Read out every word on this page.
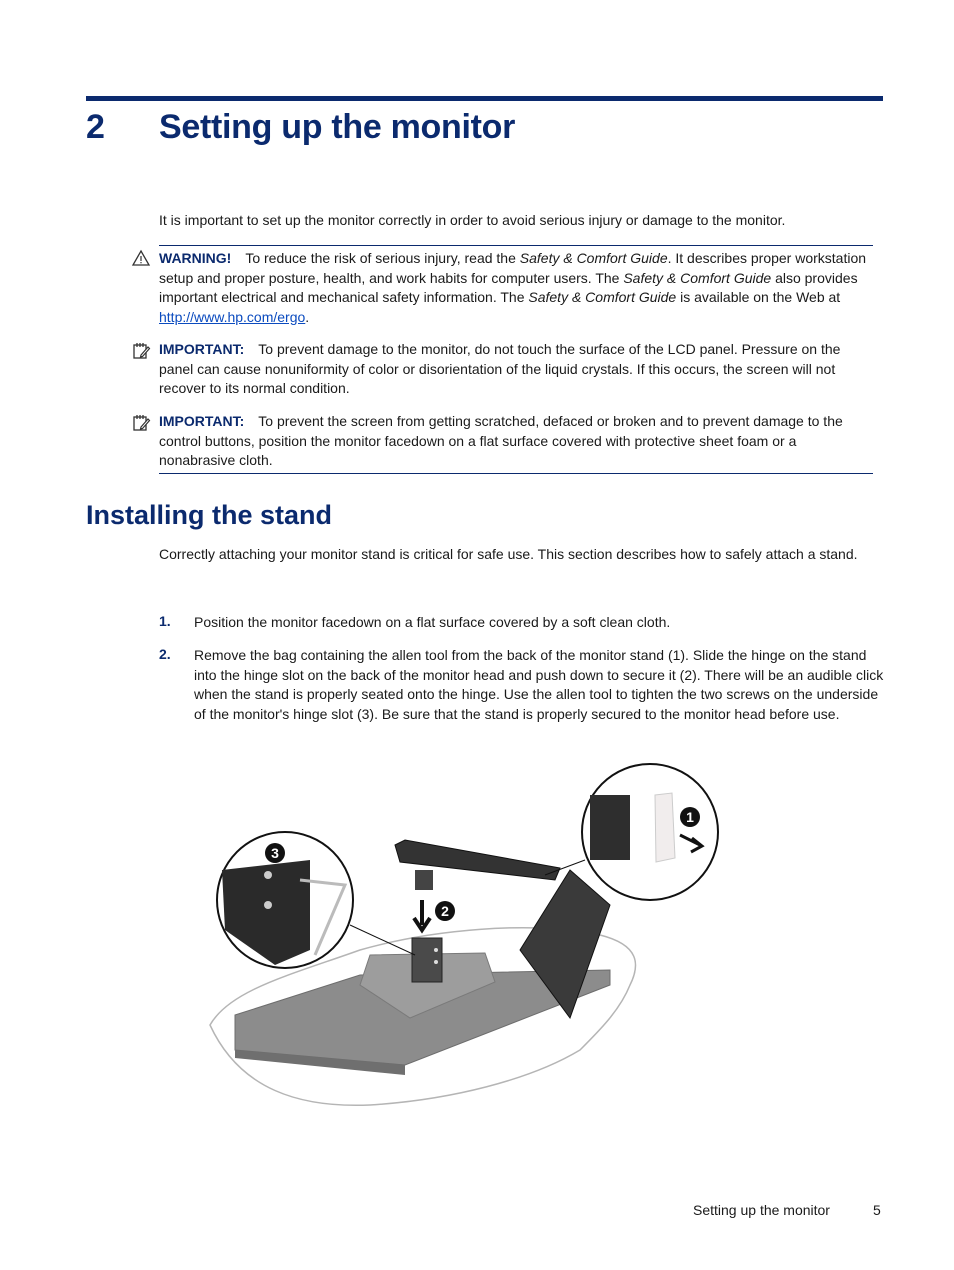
2 Setting up the monitor
It is important to set up the monitor correctly in order to avoid serious injury or damage to the monitor.
WARNING! To reduce the risk of serious injury, read the Safety & Comfort Guide. It describes proper workstation setup and proper posture, health, and work habits for computer users. The Safety & Comfort Guide also provides important electrical and mechanical safety information. The Safety & Comfort Guide is available on the Web at http://www.hp.com/ergo.
IMPORTANT: To prevent damage to the monitor, do not touch the surface of the LCD panel. Pressure on the panel can cause nonuniformity of color or disorientation of the liquid crystals. If this occurs, the screen will not recover to its normal condition.
IMPORTANT: To prevent the screen from getting scratched, defaced or broken and to prevent damage to the control buttons, position the monitor facedown on a flat surface covered with protective sheet foam or a nonabrasive cloth.
Installing the stand
Correctly attaching your monitor stand is critical for safe use. This section describes how to safely attach a stand.
1. Position the monitor facedown on a flat surface covered by a soft clean cloth.
2. Remove the bag containing the allen tool from the back of the monitor stand (1). Slide the hinge on the stand into the hinge slot on the back of the monitor head and push down to secure it (2). There will be an audible click when the stand is properly seated onto the hinge. Use the allen tool to tighten the two screws on the underside of the monitor's hinge slot (3). Be sure that the stand is properly secured to the monitor head before use.
2
3
1
Setting up the monitor	5
